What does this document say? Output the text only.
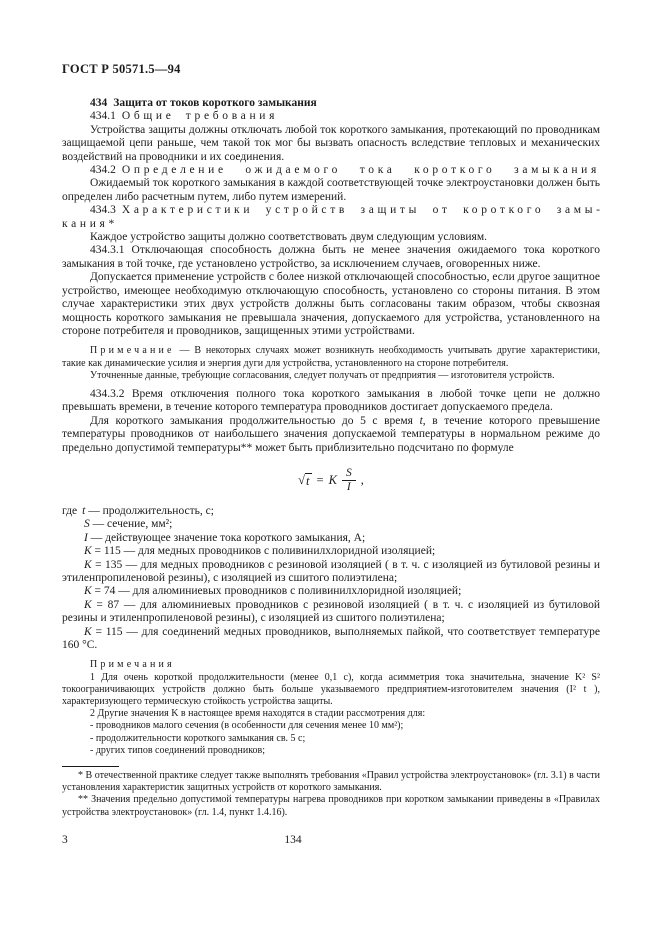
ГОСТ Р 50571.5—94

434 Защита от токов короткого замыкания

434.1 Общие требования

Устройства защиты должны отключать любой ток короткого замыкания, протекающий по проводникам защищаемой цепи раньше, чем такой ток мог бы вызвать опасность вследствие тепловых и механических воздействий на проводники и их соединения.

434.2 Определение ожидаемого тока короткого замыкания

Ожидаемый ток короткого замыкания в каждой соответствующей точке электроустановки должен быть определен либо расчетным путем, либо путем измерений.

434.3 Характеристики устройств защиты от короткого замыкания*

Каждое устройство защиты должно соответствовать двум следующим условиям.

434.3.1 Отключающая способность должна быть не менее значения ожидаемого тока короткого замыкания в той точке, где установлено устройство, за исключением случаев, оговоренных ниже.

Допускается применение устройств с более низкой отключающей способностью, если другое защитное устройство, имеющее необходимую отключающую способность, установлено со стороны питания. В этом случае характеристики этих двух устройств должны быть согласованы таким образом, чтобы сквозная мощность короткого замыкания не превышала значения, допускаемого для устройства, установленного на стороне потребителя и проводников, защищенных этими устройствами.

Примечание — В некоторых случаях может возникнуть необходимость учитывать другие характеристики, такие как динамические усилия и энергия дуги для устройства, установленного на стороне потребителя.

Уточненные данные, требующие согласования, следует получать от предприятия — изготовителя устройств.

434.3.2 Время отключения полного тока короткого замыкания в любой точке цепи не должно превышать времени, в течение которого температура проводников достигает допускаемого предела.

Для короткого замыкания продолжительностью до 5 с время t, в течение которого превышение температуры проводников от наибольшего значения допускаемой температуры в нормальном режиме до предельно допустимой температуры** может быть приблизительно подсчитано по формуле

√ t = K $\frac{S}{I}$ ,

где t — продолжительность, с;

S — сечение, мм²;

I — действующее значение тока короткого замыкания, А;

K = 115 — для медных проводников с поливинилхлоридной изоляцией;

K = 135 — для медных проводников с резиновой изоляцией ( в т. ч. с изоляцией из бутиловой резины и этиленпропиленовой резины), с изоляцией из сшитого полиэтилена;

K = 74 — для алюминиевых проводников с поливинилхлоридной изоляцией;

K = 87 — для алюминиевых проводников с резиновой изоляцией ( в т. ч. с изоляцией из бутиловой резины и этиленпропиленовой резины), с изоляцией из сшитого полиэтилена;

K = 115 — для соединений медных проводников, выполняемых пайкой, что соответствует температуре 160 °С.

Примечания

1 Для очень короткой продолжительности (менее 0,1 с), когда асимметрия тока значительна, значение K² S² токоограничивающих устройств должно быть больше указываемого предприятием-изготовителем значения (I² t ), характеризующего термическую стойкость устройства защиты.

2 Другие значения K в настоящее время находятся в стадии рассмотрения для:

- проводников малого сечения (в особенности для сечения менее 10 мм²);

- продолжительности короткого замыкания св. 5 с;

- других типов соединений проводников;

* В отечественной практике следует также выполнять требования «Правил устройства электроустановок» (гл. 3.1) в части установления характеристик защитных устройств от короткого замыкания.

** Значения предельно допустимой температуры нагрева проводников при коротком замыкании приведены в «Правилах устройства электроустановок» (гл. 1.4, пункт 1.4.16).

3	134
